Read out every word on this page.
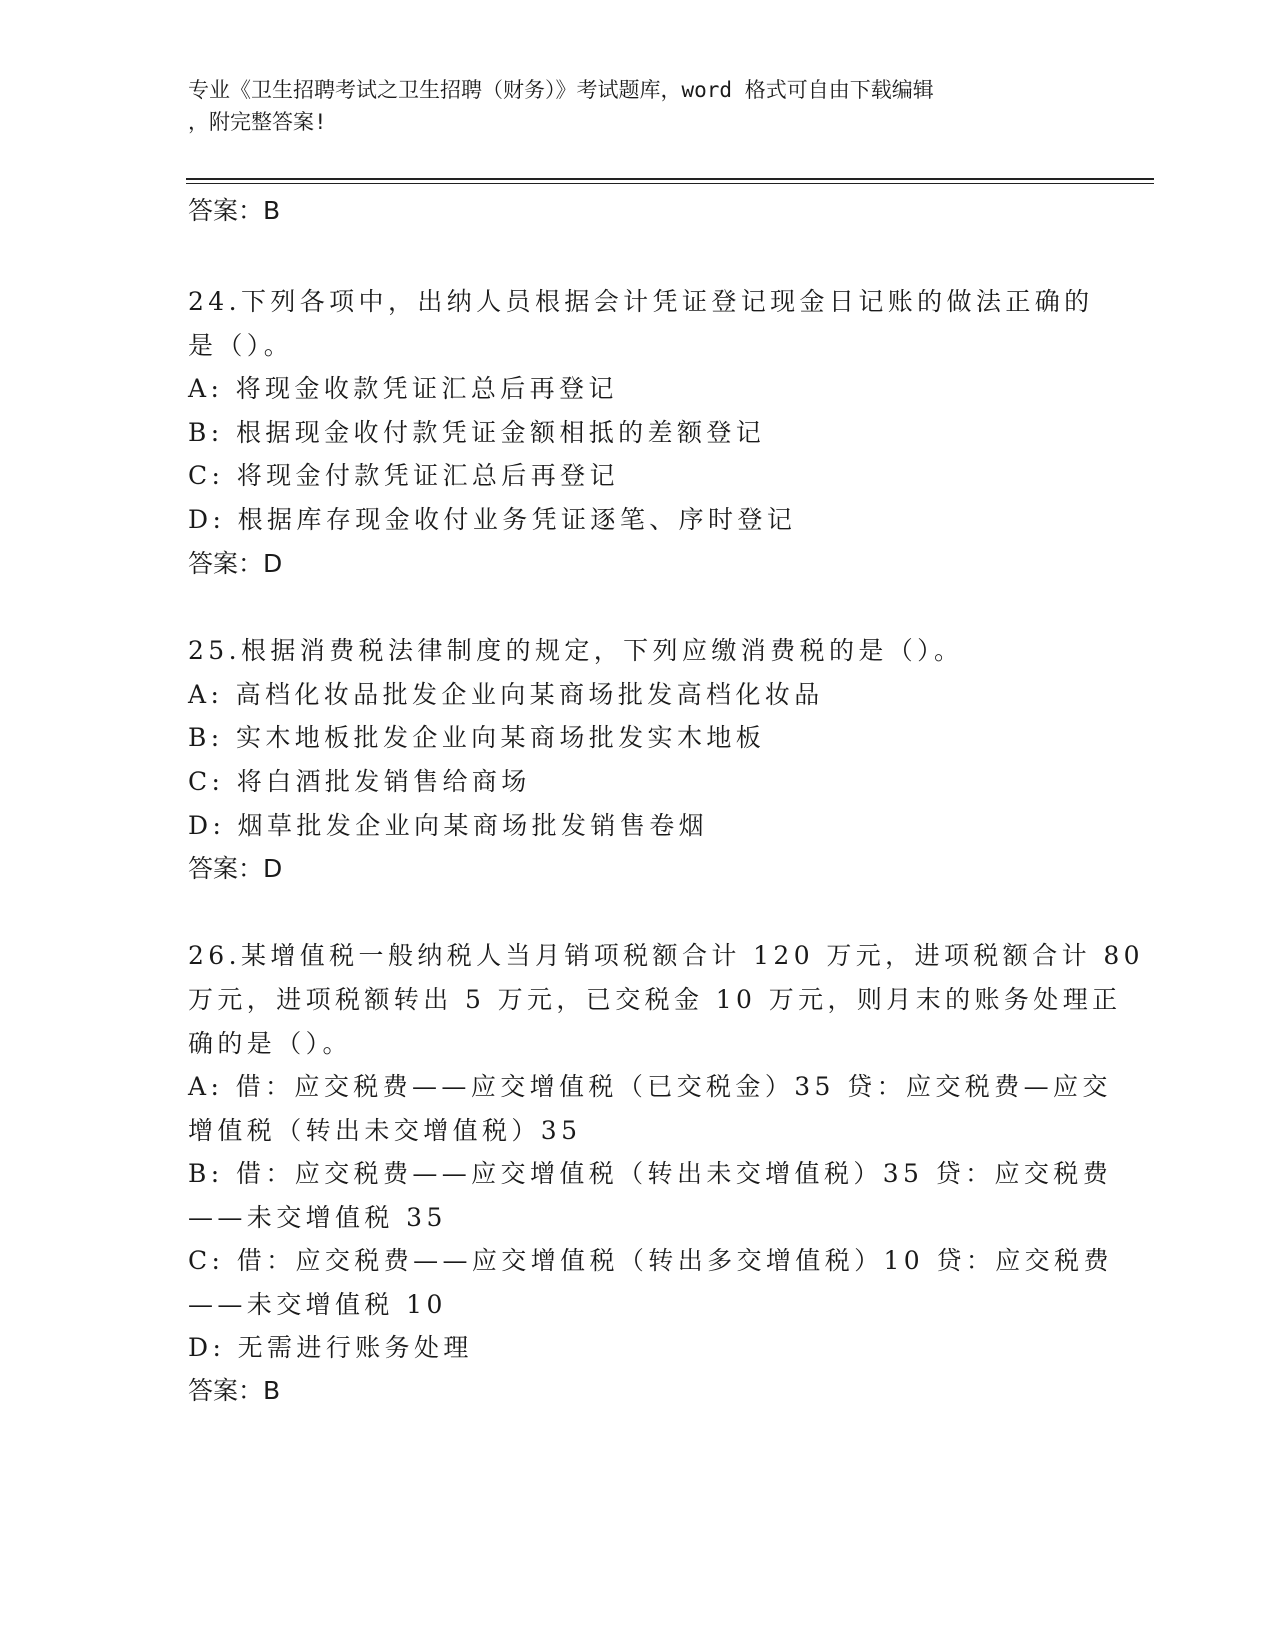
专业《卫生招聘考试之卫生招聘（财务）》考试题库，word 格式可自由下载编辑
，附完整答案!
答案：B
24.下列各项中，出纳人员根据会计凭证登记现金日记账的做法正确的
是（）。
A: 将现金收款凭证汇总后再登记
B: 根据现金收付款凭证金额相抵的差额登记
C: 将现金付款凭证汇总后再登记
D: 根据库存现金收付业务凭证逐笔、序时登记
答案：D
25.根据消费税法律制度的规定，下列应缴消费税的是（）。
A: 高档化妆品批发企业向某商场批发高档化妆品
B: 实木地板批发企业向某商场批发实木地板
C: 将白酒批发销售给商场
D: 烟草批发企业向某商场批发销售卷烟
答案：D
26.某增值税一般纳税人当月销项税额合计 120 万元，进项税额合计 80
万元，进项税额转出 5 万元，已交税金 10 万元，则月末的账务处理正
确的是（）。
A: 借：应交税费——应交增值税（已交税金）35 贷：应交税费—应交
增值税（转出未交增值税）35
B: 借：应交税费——应交增值税（转出未交增值税）35 贷：应交税费
——未交增值税 35
C: 借：应交税费——应交增值税（转出多交增值税）10 贷：应交税费
——未交增值税 10
D: 无需进行账务处理
答案：B
